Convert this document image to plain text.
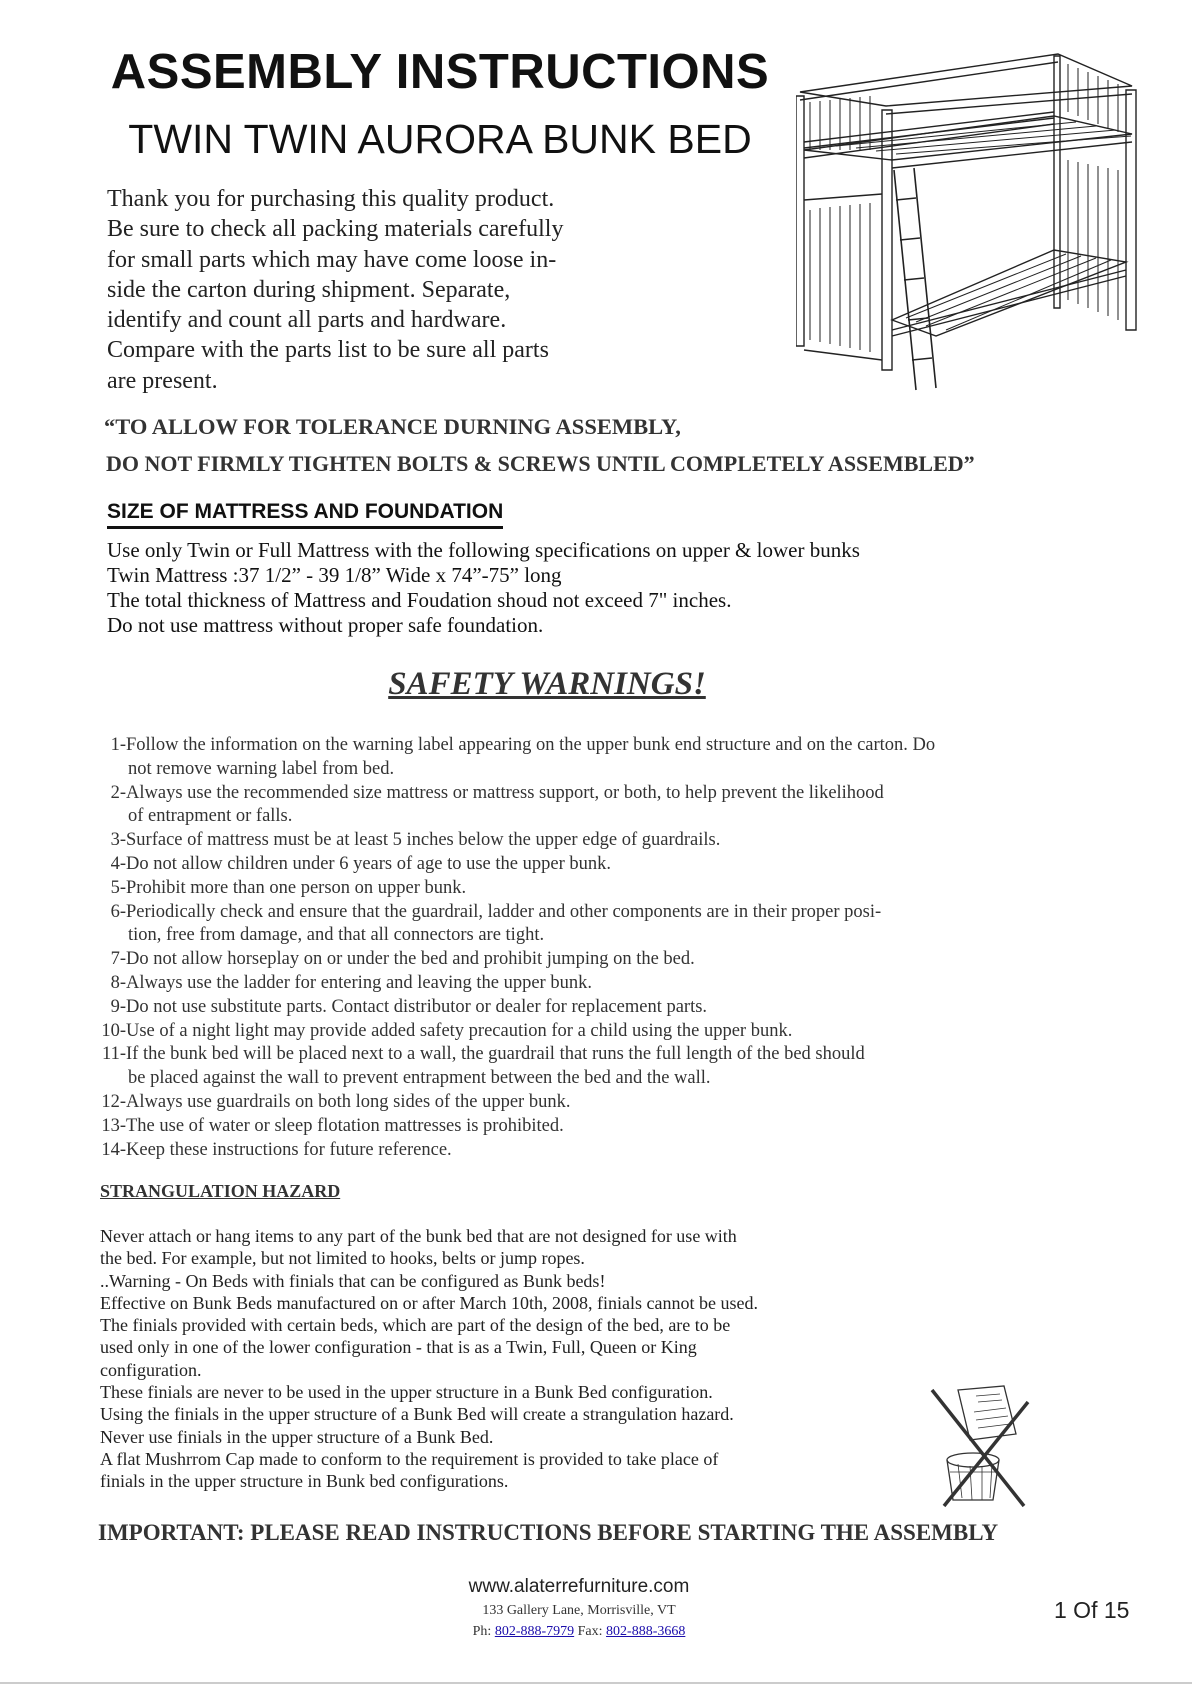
ASSEMBLY INSTRUCTIONS
TWIN TWIN AURORA BUNK BED
Thank you for purchasing this quality product.
Be sure to check all packing materials carefully
for small parts which may have come loose in-
side the carton during shipment. Separate,
identify and count all parts and hardware.
Compare with the parts list to be sure all parts
are present.
“TO ALLOW FOR TOLERANCE DURNING ASSEMBLY,
DO NOT FIRMLY TIGHTEN BOLTS & SCREWS UNTIL COMPLETELY ASSEMBLED”
SIZE OF MATTRESS AND FOUNDATION
Use only Twin or Full Mattress with the following specifications on upper & lower bunks
Twin Mattress :37 1/2” - 39 1/8” Wide x 74”-75” long
The total thickness of Mattress and Foudation shoud not exceed 7" inches.
Do not use mattress without proper safe foundation.
SAFETY WARNINGS!
1- Follow the information on the warning label appearing on the upper bunk end structure and on the carton. Do
not remove warning label from bed.
2- Always use the recommended size mattress or mattress support, or both, to help prevent the likelihood
of entrapment or falls.
3- Surface of mattress must be at least 5 inches below the upper edge of guardrails.
4- Do not allow children under 6 years of age to use the upper bunk.
5- Prohibit more than one person on upper bunk.
6- Periodically check and ensure that the guardrail, ladder and other components are in their proper posi-
tion, free from damage, and that all connectors are tight.
7- Do not allow horseplay on or under the bed and prohibit jumping on the bed.
8- Always use the ladder for entering and leaving the upper bunk.
9- Do not use substitute parts. Contact distributor or dealer for replacement parts.
10- Use of a night light may provide added safety precaution for a child using the upper bunk.
11- If the bunk bed will be placed next to a wall, the guardrail that runs the full length of the bed should
be placed against the wall to prevent entrapment between the bed and the wall.
12- Always use guardrails on both long sides of the upper bunk.
13- The use of water or sleep flotation mattresses is prohibited.
14- Keep these instructions for future reference.
STRANGULATION HAZARD
Never attach or hang items to any part of the bunk bed that are not designed for use with
the bed. For example, but not limited to hooks, belts or jump ropes.
..Warning - On Beds with finials that can be configured as Bunk beds!
Effective on Bunk Beds manufactured on or after March 10th, 2008, finials cannot be used.
The finials provided with certain beds, which are part of the design of the bed, are to be
used only in one of the lower configuration - that is as a Twin, Full, Queen or King
configuration.
These finials are never to be used in the upper structure in a Bunk Bed configuration.
Using the finials in the upper structure of a Bunk Bed will create a strangulation hazard.
Never use finials in the upper structure of a Bunk Bed.
A flat Mushrrom Cap made to conform to the requirement is provided to take place of
finials in the upper structure in Bunk bed configurations.
IMPORTANT: PLEASE READ INSTRUCTIONS BEFORE STARTING THE ASSEMBLY
www.alaterrefurniture.com
133 Gallery Lane, Morrisville, VT
Ph: 802-888-7979 Fax: 802-888-3668
1 Of 15
